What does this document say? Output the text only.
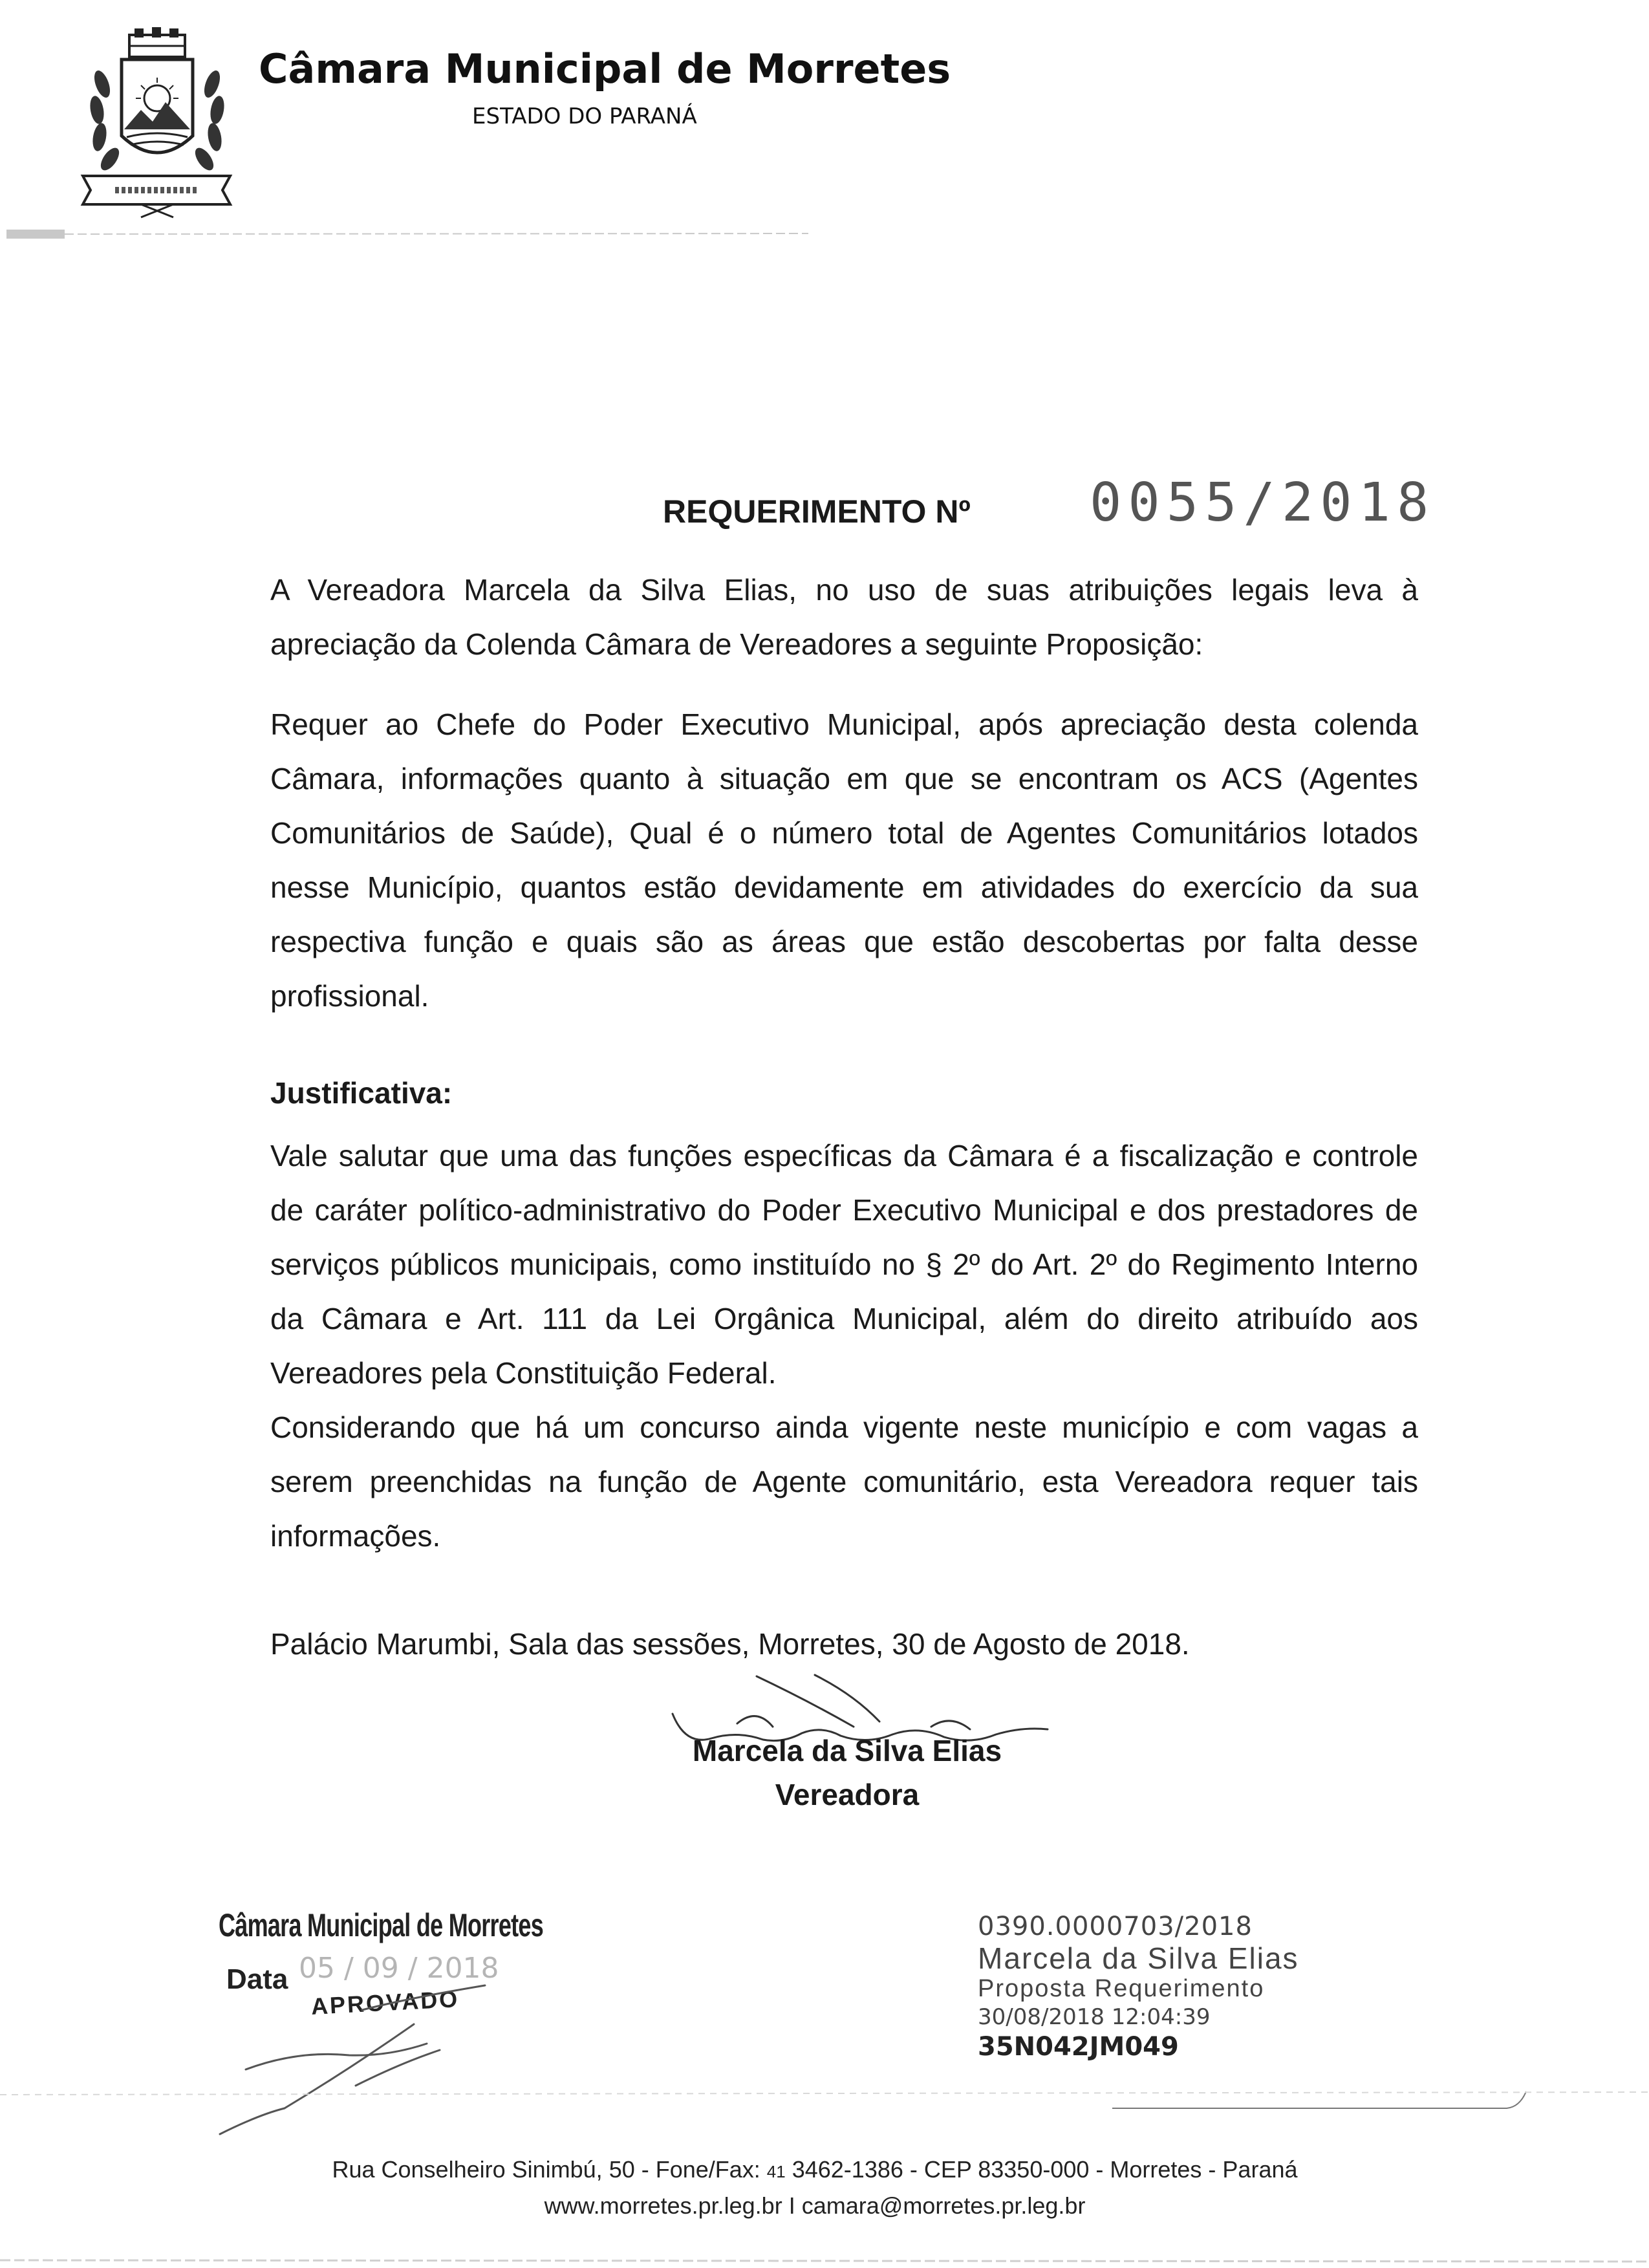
Câmara Municipal de Morretes
ESTADO DO PARANÁ
REQUERIMENTO Nº 0055/2018
A Vereadora Marcela da Silva Elias, no uso de suas atribuições legais leva à apreciação da Colenda Câmara de Vereadores a seguinte Proposição:
Requer ao Chefe do Poder Executivo Municipal, após apreciação desta colenda Câmara, informações quanto à situação em que se encontram os ACS (Agentes Comunitários de Saúde), Qual é o número total de Agentes Comunitários lotados nesse Município, quantos estão devidamente em atividades do exercício da sua respectiva função e quais são as áreas que estão descobertas por falta desse profissional.
Justificativa:
Vale salutar que uma das funções específicas da Câmara é a fiscalização e controle de caráter político-administrativo do Poder Executivo Municipal e dos prestadores de serviços públicos municipais, como instituído no § 2º do Art. 2º do Regimento Interno da Câmara e Art. 111 da Lei Orgânica Municipal, além do direito atribuído aos Vereadores pela Constituição Federal.
Considerando que há um concurso ainda vigente neste município e com vagas a serem preenchidas na função de Agente comunitário, esta Vereadora requer tais informações.
Palácio Marumbi, Sala das sessões, Morretes, 30 de Agosto de 2018.
Marcela da Silva Elias
Vereadora
Câmara Municipal de Morretes
Data 05 / 09 / 2018
APROVADO
0390.0000703/2018
Marcela da Silva Elias
Proposta Requerimento
30/08/2018 12:04:39
35N042JM049
Rua Conselheiro Sinimbú, 50 - Fone/Fax: 41 3462-1386 - CEP 83350-000 - Morretes - Paraná
www.morretes.pr.leg.br I camara@morretes.pr.leg.br
